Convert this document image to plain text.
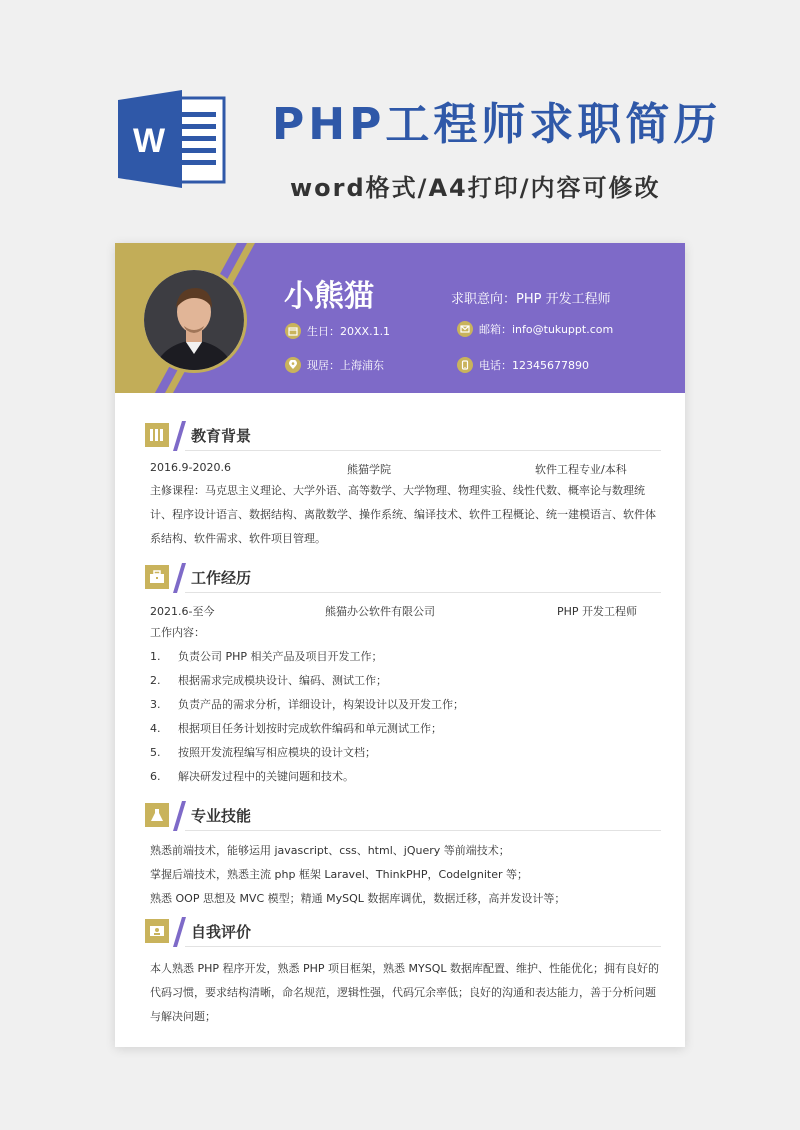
W PHP工程师求职简历
word格式/A4打印/内容可修改
小熊猫	求职意向：PHP 开发工程师
生日：20XX.1.1	邮箱：info@tukuppt.com
现居：上海浦东	电话：12345677890
教育背景
2016.9-2020.6	熊猫学院	软件工程专业/本科
主修课程：马克思主义理论、大学外语、高等数学、大学物理、物理实验、线性代数、概率论与数理统计、程序设计语言、数据结构、离散数学、操作系统、编译技术、软件工程概论、统一建模语言、软件体系结构、软件需求、软件项目管理。
工作经历
2021.6-至今	熊猫办公软件有限公司	PHP 开发工程师
工作内容：
1.	负责公司 PHP 相关产品及项目开发工作；
2.	根据需求完成模块设计、编码、测试工作；
3.	负责产品的需求分析，详细设计，构架设计以及开发工作；
4.	根据项目任务计划按时完成软件编码和单元测试工作；
5.	按照开发流程编写相应模块的设计文档；
6.	解决研发过程中的关键问题和技术。
专业技能
熟悉前端技术，能够运用 javascript、css、html、jQuery 等前端技术；
掌握后端技术，熟悉主流 php 框架 Laravel、ThinkPHP，CodeIgniter 等；
熟悉 OOP 思想及 MVC 模型；精通 MySQL 数据库调优，数据迁移，高并发设计等；
自我评价
本人熟悉 PHP 程序开发，熟悉 PHP 项目框架，熟悉 MYSQL 数据库配置、维护、性能优化；拥有良好的代码习惯，要求结构清晰，命名规范，逻辑性强，代码冗余率低；良好的沟通和表达能力，善于分析问题与解决问题；
